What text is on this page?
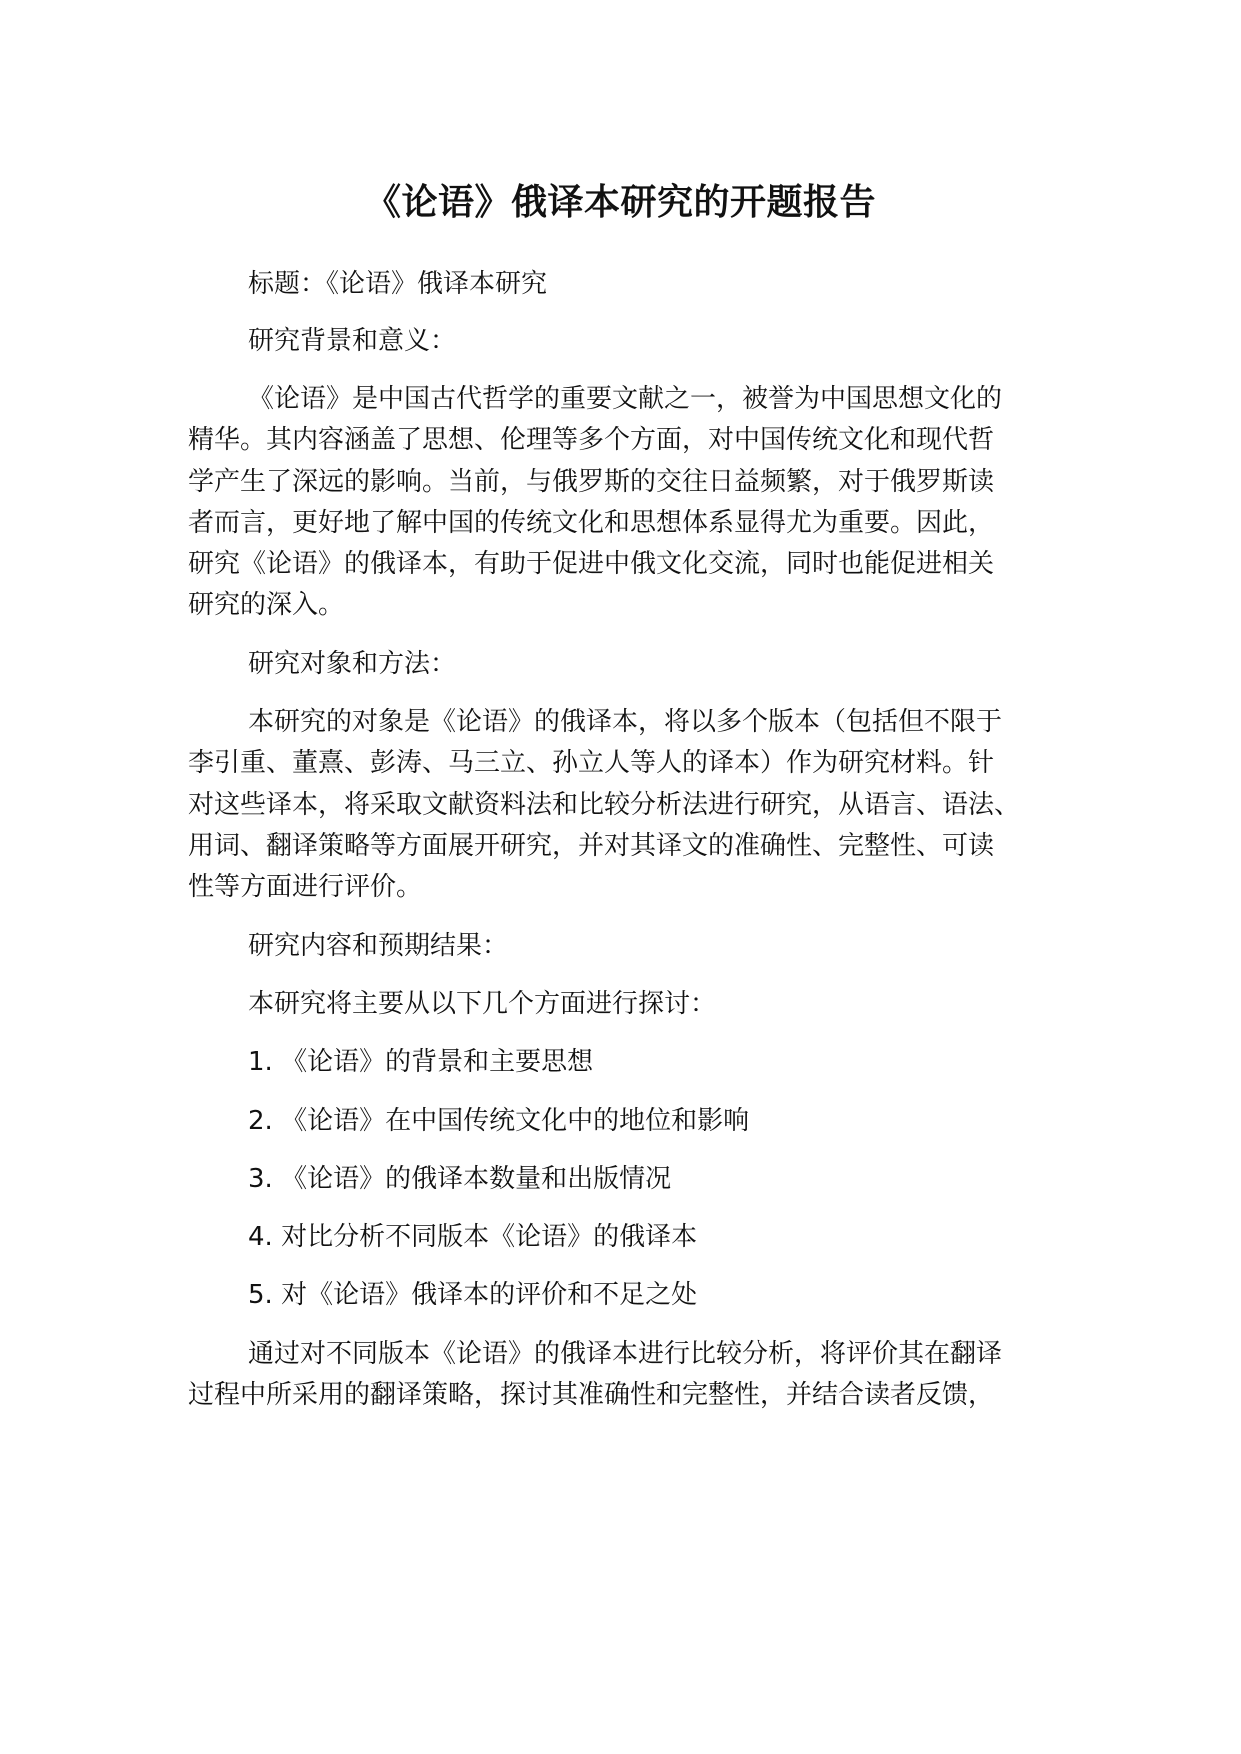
《论语》俄译本研究的开题报告

标题：《论语》俄译本研究

研究背景和意义：

《论语》是中国古代哲学的重要文献之一，被誉为中国思想文化的

精华。其内容涵盖了思想、伦理等多个方面，对中国传统文化和现代哲

学产生了深远的影响。当前，与俄罗斯的交往日益频繁，对于俄罗斯读

者而言，更好地了解中国的传统文化和思想体系显得尤为重要。因此，

研究《论语》的俄译本，有助于促进中俄文化交流，同时也能促进相关

研究的深入。

研究对象和方法：

本研究的对象是《论语》的俄译本，将以多个版本（包括但不限于

李引重、董熹、彭涛、马三立、孙立人等人的译本）作为研究材料。针

对这些译本，将采取文献资料法和比较分析法进行研究，从语言、语法、

用词、翻译策略等方面展开研究，并对其译文的准确性、完整性、可读

性等方面进行评价。

研究内容和预期结果：

本研究将主要从以下几个方面进行探讨：

1. 《论语》的背景和主要思想

2. 《论语》在中国传统文化中的地位和影响

3. 《论语》的俄译本数量和出版情况

4. 对比分析不同版本《论语》的俄译本

5. 对《论语》俄译本的评价和不足之处

通过对不同版本《论语》的俄译本进行比较分析，将评价其在翻译

过程中所采用的翻译策略，探讨其准确性和完整性，并结合读者反馈，
